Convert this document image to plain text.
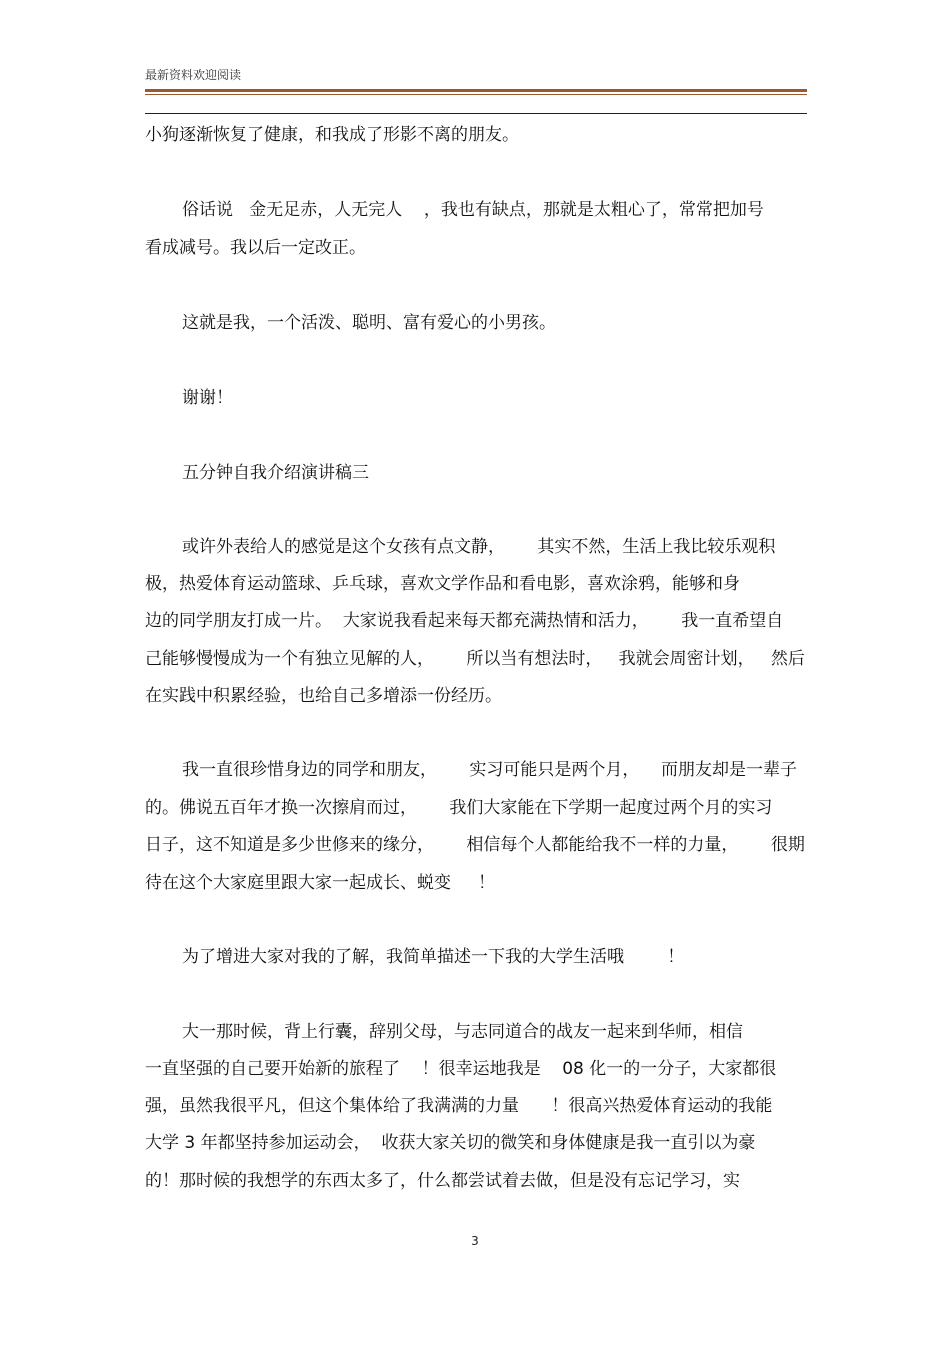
最新资料欢迎阅读
小狗逐渐恢复了健康，和我成了形影不离的朋友。
俗话说   金无足赤，人无完人    ，我也有缺点，那就是太粗心了，常常把加号
看成减号。我以后一定改正。
这就是我，一个活泼、聪明、富有爱心的小男孩。
谢谢！
五分钟自我介绍演讲稿三
或许外表给人的感觉是这个女孩有点文静，      其实不然，生活上我比较乐观积
极，热爱体育运动篮球、乒乓球，喜欢文学作品和看电影，喜欢涂鸦，能够和身
边的同学朋友打成一片。  大家说我看起来每天都充满热情和活力，      我一直希望自
己能够慢慢成为一个有独立见解的人，      所以当有想法时，   我就会周密计划，   然后
在实践中积累经验，也给自己多增添一份经历。
我一直很珍惜身边的同学和朋友，      实习可能只是两个月，    而朋友却是一辈子
的。佛说五百年才换一次擦肩而过，      我们大家能在下学期一起度过两个月的实习
日子，这不知道是多少世修来的缘分，      相信每个人都能给我不一样的力量，      很期
待在这个大家庭里跟大家一起成长、蜕变     ！
为了增进大家对我的了解，我简单描述一下我的大学生活哦        ！
大一那时候，背上行囊，辞别父母，与志同道合的战友一起来到华师，相信
一直坚强的自己要开始新的旅程了    ！很幸运地我是    08 化一的一分子，大家都很
强，虽然我很平凡，但这个集体给了我满满的力量      ！很高兴热爱体育运动的我能
大学 3 年都坚持参加运动会，  收获大家关切的微笑和身体健康是我一直引以为豪
的！那时候的我想学的东西太多了，什么都尝试着去做，但是没有忘记学习，实
3
